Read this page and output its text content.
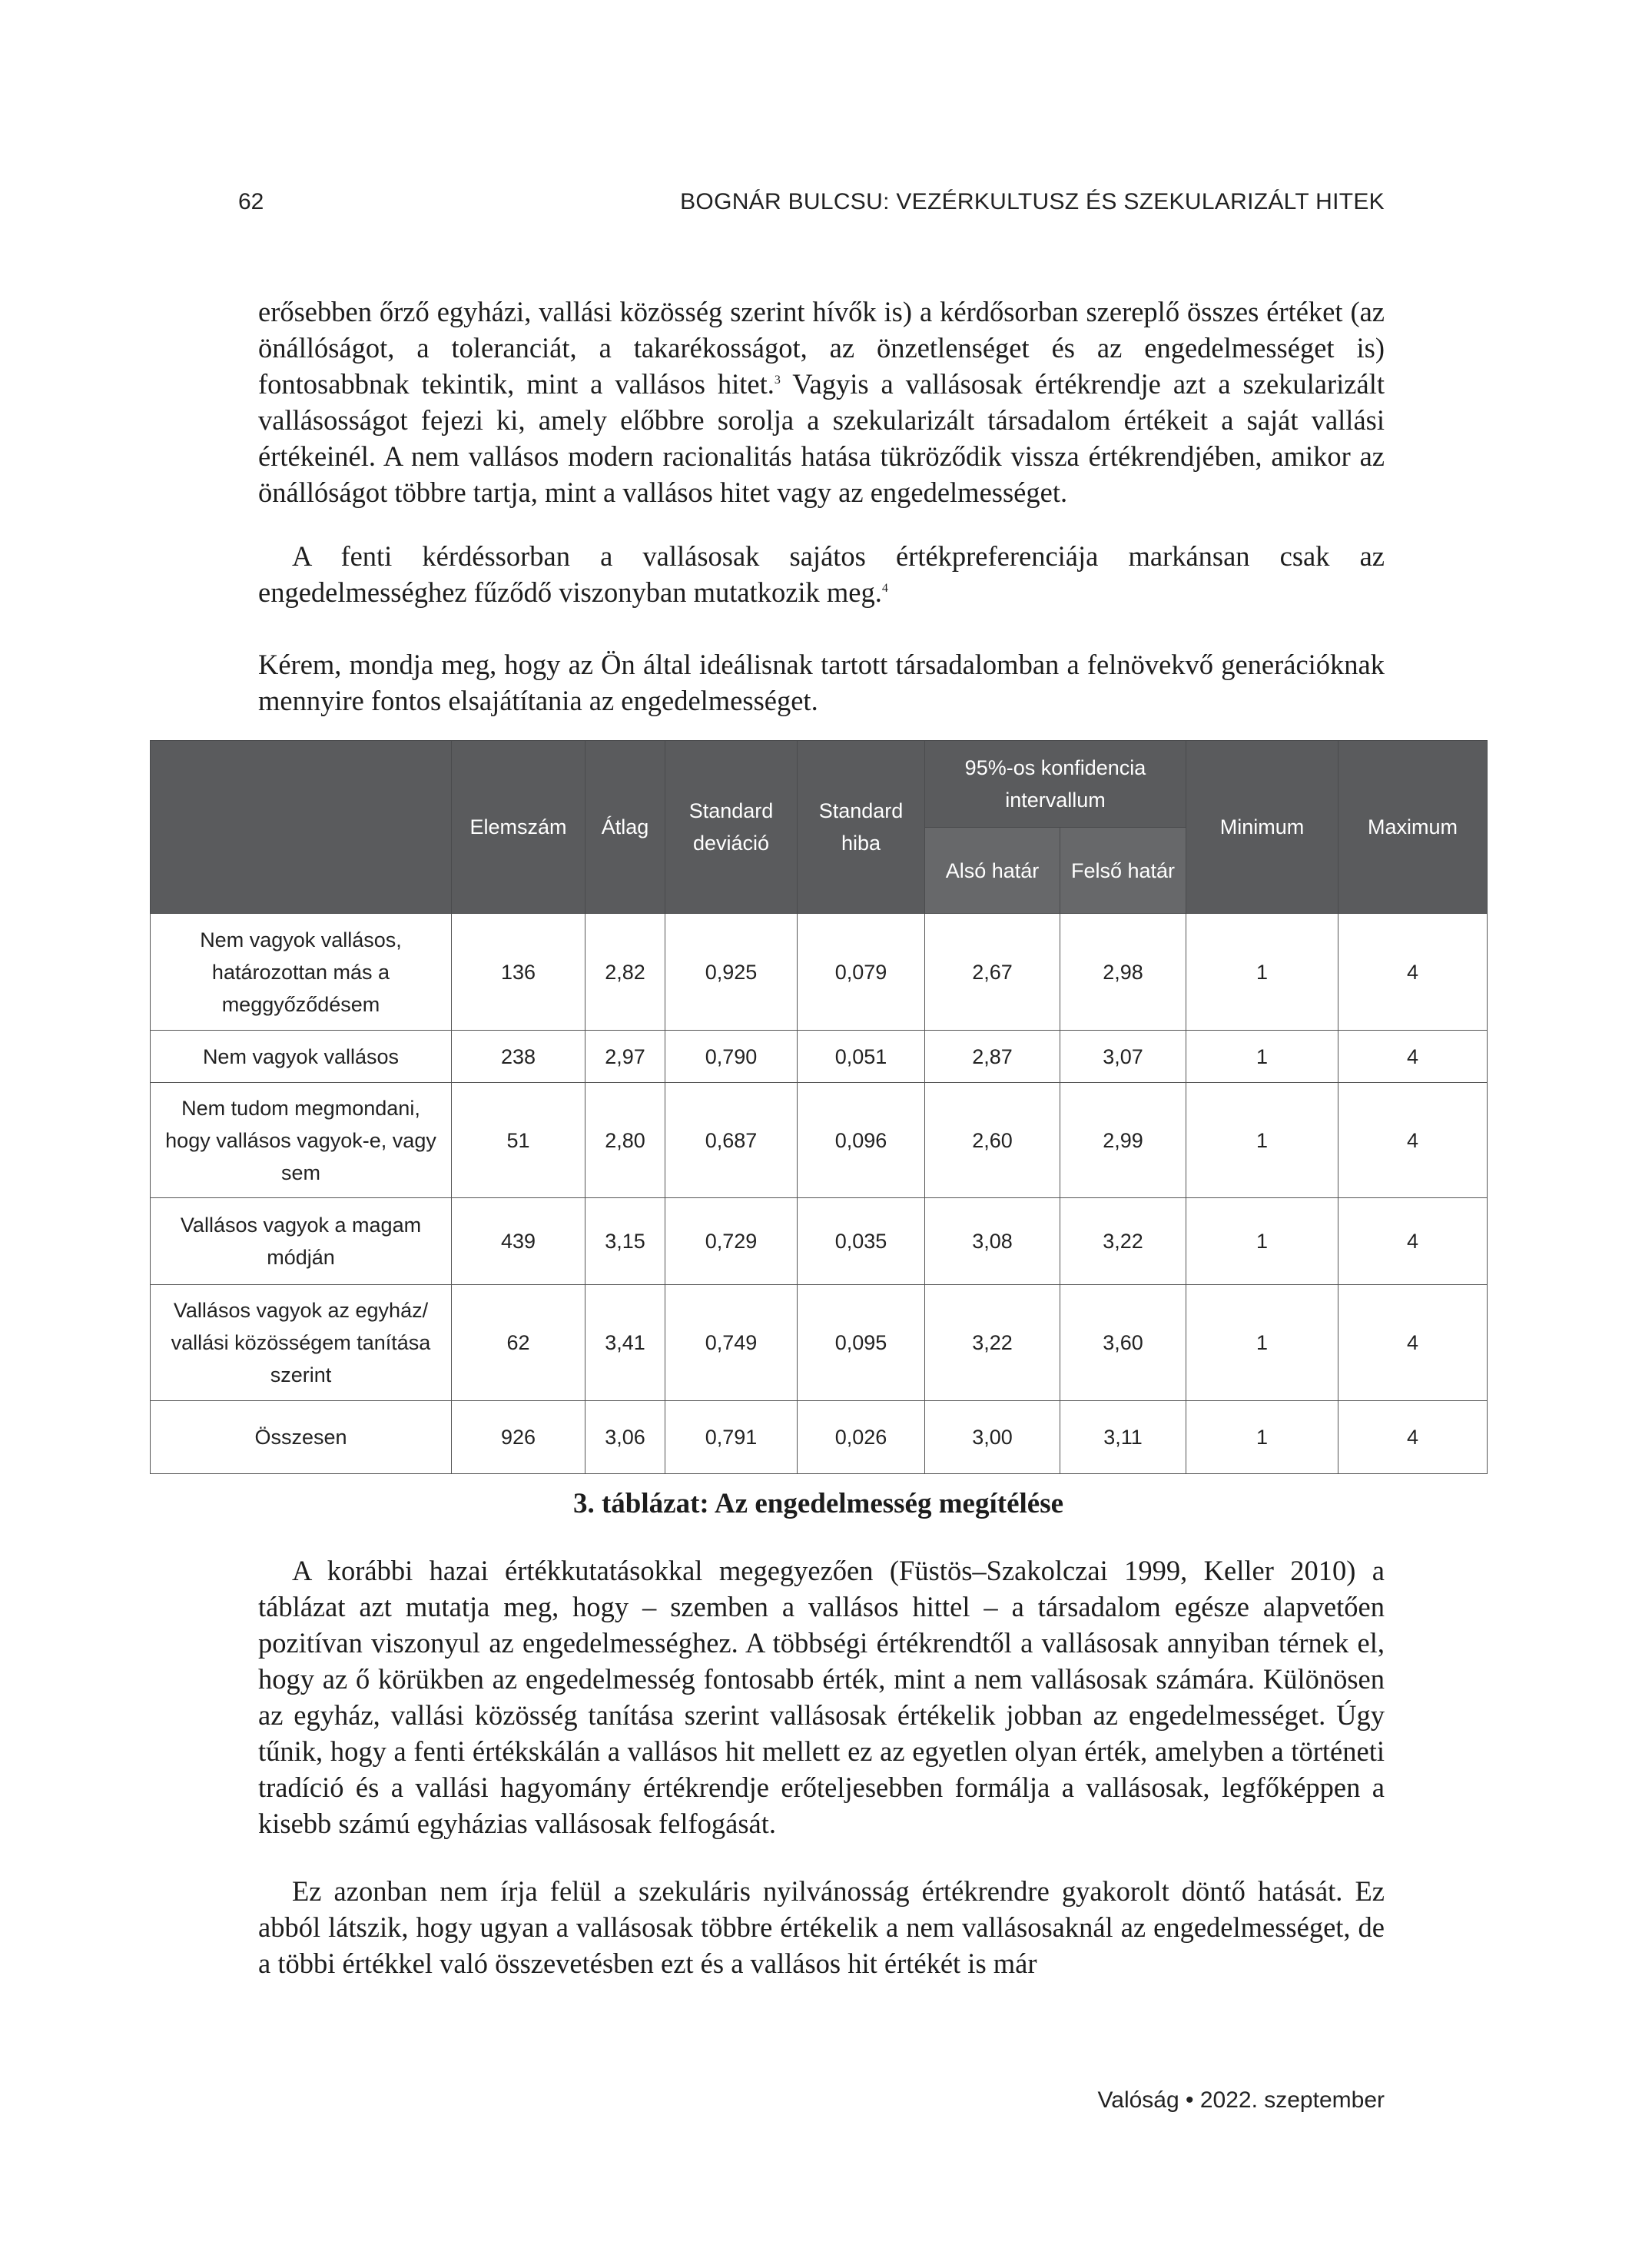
62	BOGNÁR BULCSU: VEZÉRKULTUSZ ÉS SZEKULARIZÁLT HITEK

erősebben őrző egyházi, vallási közösség szerint hívők is) a kérdősorban szereplő összes értéket (az önállóságot, a toleranciát, a takarékosságot, az önzetlenséget és az engedelmességet is) fontosabbnak tekintik, mint a vallásos hitet.$^3$ Vagyis a vallásosak értékrendje azt a szekularizált vallásosságot fejezi ki, amely előbbre sorolja a szekularizált társadalom értékeit a saját vallási értékeinél. A nem vallásos modern racionalitás hatása tükröződik vissza értékrendjében, amikor az önállóságot többre tartja, mint a vallásos hitet vagy az engedelmességet.

A fenti kérdéssorban a vallásosak sajátos értékpreferenciája markánsan csak az engedelmességhez fűződő viszonyban mutatkozik meg.$^4$

Kérem, mondja meg, hogy az Ön által ideálisnak tartott társadalomban a felnövekvő generációknak mennyire fontos elsajátítania az engedelmességet.

	Elemszám	Átlag	Standard deviáció	Standard hiba	95%-os konfidencia intervallum		Minimum	Maximum
					Alsó határ	Felső határ		
Nem vagyok vallásos, határozottan más a meggyőződésem	136	2,82	0,925	0,079	2,67	2,98	1	4
Nem vagyok vallásos	238	2,97	0,790	0,051	2,87	3,07	1	4
Nem tudom megmondani, hogy vallásos vagyok-e, vagy sem	51	2,80	0,687	0,096	2,60	2,99	1	4
Vallásos vagyok a magam módján	439	3,15	0,729	0,035	3,08	3,22	1	4
Vallásos vagyok az egyház/ vallási közösségem tanítása szerint	62	3,41	0,749	0,095	3,22	3,60	1	4
Összesen	926	3,06	0,791	0,026	3,00	3,11	1	4
3. táblázat: Az engedelmesség megítélése

A korábbi hazai értékkutatásokkal megegyezően (Füstös–Szakolczai 1999, Keller 2010) a táblázat azt mutatja meg, hogy – szemben a vallásos hittel – a társadalom egésze alapvetően pozitívan viszonyul az engedelmességhez. A többségi értékrendtől a vallásosak annyiban térnek el, hogy az ő körükben az engedelmesség fontosabb érték, mint a nem vallásosak számára. Különösen az egyház, vallási közösség tanítása szerint vallásosak értékelik jobban az engedelmességet. Úgy tűnik, hogy a fenti értékskálán a vallásos hit mellett ez az egyetlen olyan érték, amelyben a történeti tradíció és a vallási hagyomány értékrendje erőteljesebben formálja a vallásosak, legfőképpen a kisebb számú egyházias vallásosak felfogását.

Ez azonban nem írja felül a szekuláris nyilvánosság értékrendre gyakorolt döntő hatását. Ez abból látszik, hogy ugyan a vallásosak többre értékelik a nem vallásosaknál az engedelmességet, de a többi értékkel való összevetésben ezt és a vallásos hit értékét is már

Valóság • 2022. szeptember
